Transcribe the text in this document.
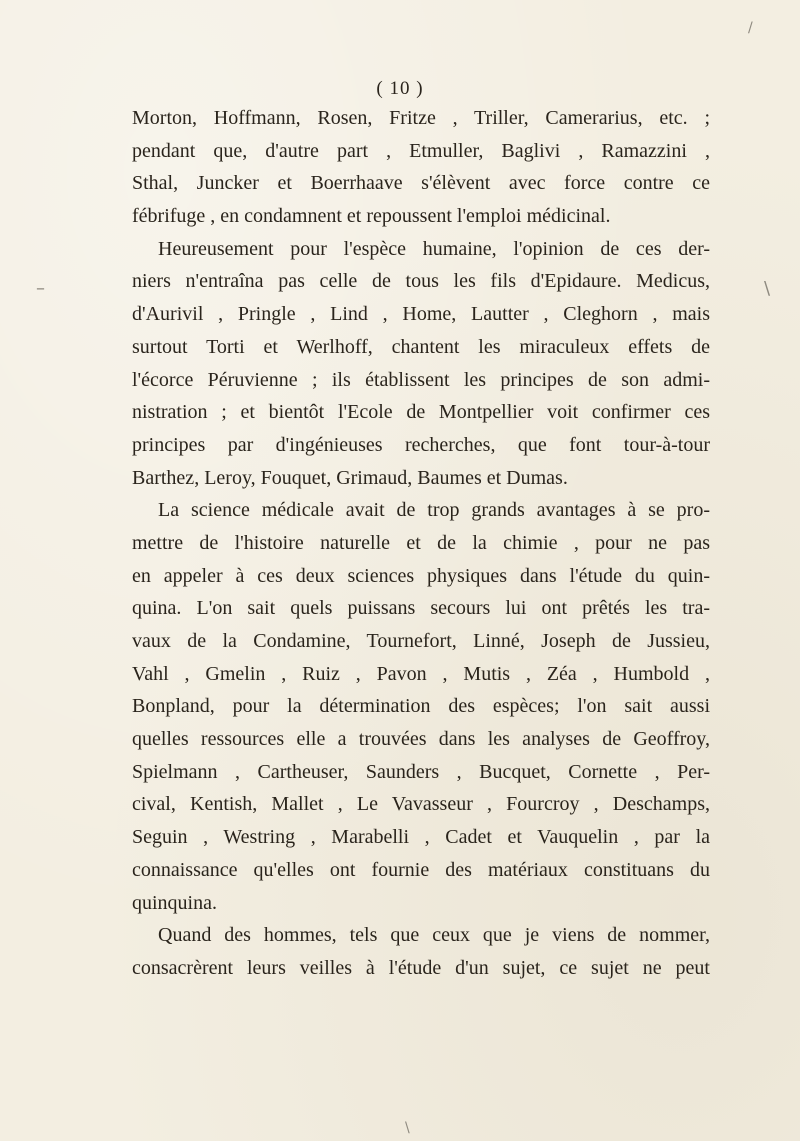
( 10 )
Morton, Hoffmann, Rosen, Fritze , Triller, Camerarius, etc. ;
pendant que, d'autre part , Etmuller, Baglivi , Ramazzini ,
Sthal, Juncker et Boerrhaave s'élèvent avec force contre ce
fébrifuge , en condamnent et repoussent l'emploi médicinal.
Heureusement pour l'espèce humaine, l'opinion de ces der-
niers n'entraîna pas celle de tous les fils d'Epidaure. Medicus,
d'Aurivil , Pringle , Lind , Home, Lautter , Cleghorn , mais
surtout Torti et Werlhoff, chantent les miraculeux effets de
l'écorce Péruvienne ; ils établissent les principes de son admi-
nistration ; et bientôt l'Ecole de Montpellier voit confirmer ces
principes par d'ingénieuses recherches, que font tour-à-tour
Barthez, Leroy, Fouquet, Grimaud, Baumes et Dumas.
La science médicale avait de trop grands avantages à se pro-
mettre de l'histoire naturelle et de la chimie , pour ne pas
en appeler à ces deux sciences physiques dans l'étude du quin-
quina. L'on sait quels puissans secours lui ont prêtés les tra-
vaux de la Condamine, Tournefort, Linné, Joseph de Jussieu,
Vahl , Gmelin , Ruiz , Pavon , Mutis , Zéa , Humbold ,
Bonpland, pour la détermination des espèces; l'on sait aussi
quelles ressources elle a trouvées dans les analyses de Geoffroy,
Spielmann , Cartheuser, Saunders , Bucquet, Cornette , Per-
cival, Kentish, Mallet , Le Vavasseur , Fourcroy , Deschamps,
Seguin , Westring , Marabelli , Cadet et Vauquelin , par la
connaissance qu'elles ont fournie des matériaux constituans du
quinquina.
Quand des hommes, tels que ceux que je viens de nommer,
consacrèrent leurs veilles à l'étude d'un sujet, ce sujet ne peut
–	\
\
/
